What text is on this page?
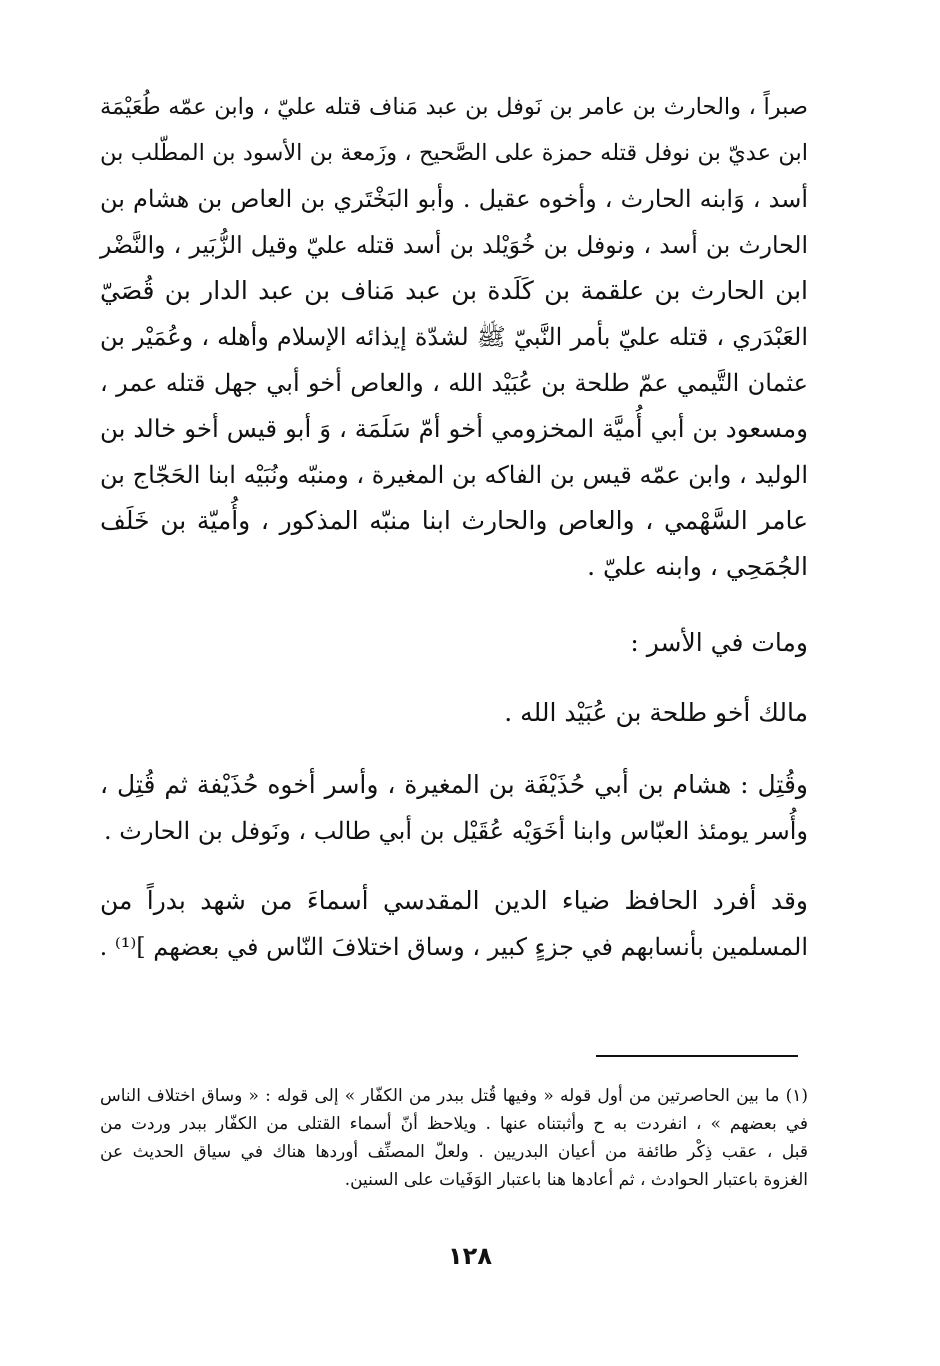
صبراً ، والحارث بن عامر بن نَوفل بن عبد مَناف قتله عليّ ، وابن عمّه طُعَيْمَة
ابن عديّ بن نوفل قتله حمزة على الصَّحيح ، وزَمعة بن الأسود بن المطّلب بن
أسد ، وَابنه الحارث ، وأخوه عقيل . وأبو البَخْتَري بن العاص بن هشام بن
الحارث بن أسد ، ونوفل بن خُوَيْلد بن أسد قتله عليّ وقيل الزُّبَير ، والنَّضْر
ابن الحارث بن علقمة بن كَلَدة بن عبد مَناف بن عبد الدار بن قُصَيّ
العَبْدَري ، قتله عليّ بأمر النَّبيّ ﷺ لشدّة إيذائه الإسلام وأهله ، وعُمَيْر بن
عثمان التَّيمي عمّ طلحة بن عُبَيْد الله ، والعاص أخو أبي جهل قتله عمر ،
ومسعود بن أبي أُميَّة المخزومي أخو أمّ سَلَمَة ، وَ أبو قيس أخو خالد بن
الوليد ، وابن عمّه قيس بن الفاكه بن المغيرة ، ومنبّه ونُبَيْه ابنا الحَجّاج بن
عامر السَّهْمي ، والعاص والحارث ابنا منبّه المذكور ، وأُميّة بن خَلَف
الجُمَحِي ، وابنه عليّ .
ومات في الأسر :
مالك أخو طلحة بن عُبَيْد الله .
وقُتِل : هشام بن أبي حُذَيْفَة بن المغيرة ، وأسر أخوه حُذَيْفة ثم قُتِل ،
وأُسر يومئذ العبّاس وابنا أخَوَيْه عُقَيْل بن أبي طالب ، ونَوفل بن الحارث .
وقد أفرد الحافظ ضياء الدين المقدسي أسماءَ من شهد بدراً من
المسلمين بأنسابهم في جزءٍ كبير ، وساق اختلافَ النّاس في بعضهم ]⁽¹⁾ .
(١) ما بين الحاصرتين من أول قوله « وفيها قُتل ببدر من الكفّار » إلى قوله : « وساق اختلاف الناس
في بعضهم » ، انفردت به ح وأثبتناه عنها . ويلاحظ أنّ أسماء القتلى من الكفّار ببدر وردت من
قبل ، عقب ذِكْر طائفة من أعيان البدريين . ولعلّ المصنِّف أوردها هناك في سياق الحديث عن
الغزوة باعتبار الحوادث ، ثم أعادها هنا باعتبار الوَفَيات على السنين.
١٢٨
